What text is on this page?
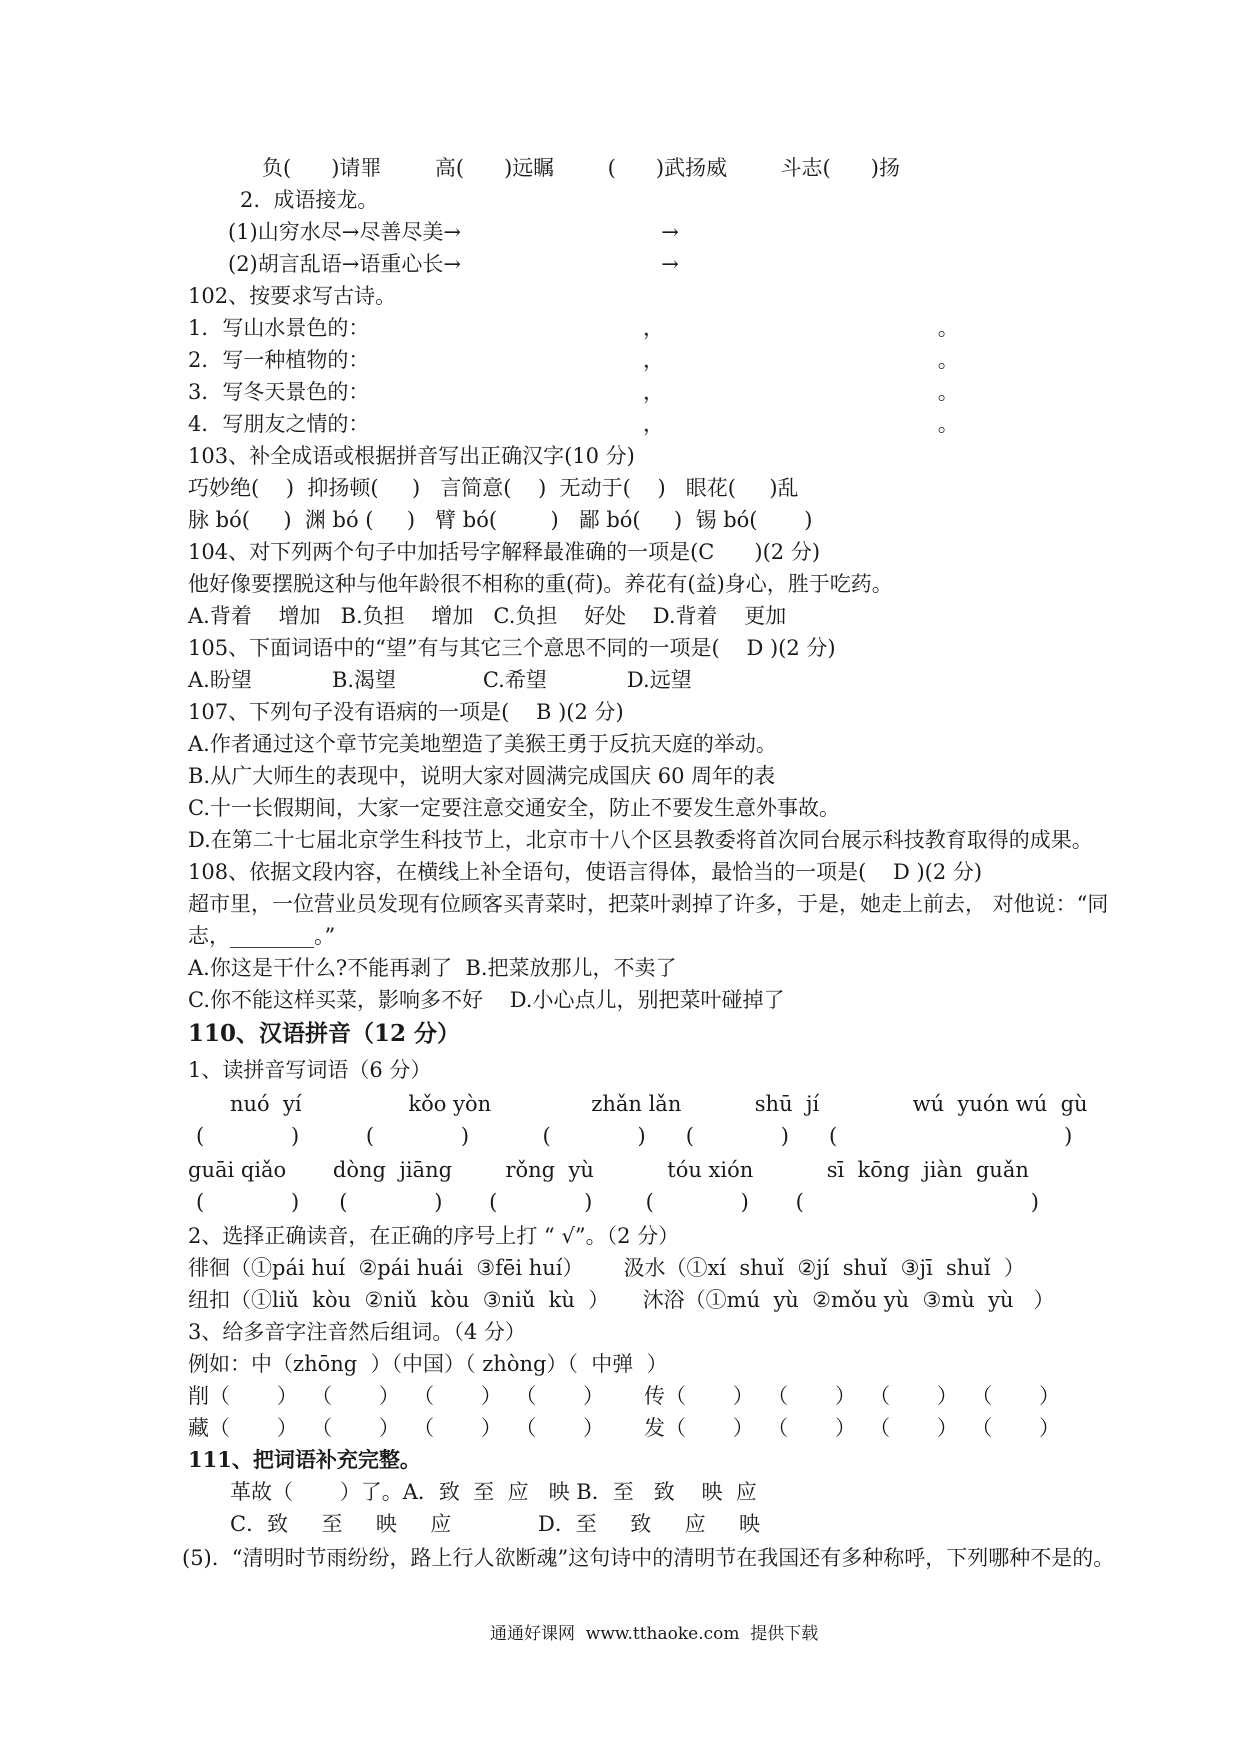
负(      )请罪        高(      )远瞩        (      )武扬威        斗志(      )扬
2.  成语接龙。
(1)山穷水尽→尽善尽美→                              →
(2)胡言乱语→语重心长→                              →
102、按要求写古诗。
1．写山水景色的：                                         ，                                         。
2．写一种植物的：                                         ，                                         。
3．写冬天景色的：                                         ，                                         。
4．写朋友之情的：                                         ，                                         。
103、补全成语或根据拼音写出正确汉字(10 分)
巧妙绝(    )  抑扬顿(     )   言简意(    )  无动于(    )   眼花(     )乱
脉 bó(     )  渊 bó (     )   臂 bó(        )   鄙 bó(     )  锡 bó(       )
104、对下列两个句子中加括号字解释最准确的一项是(C      )(2 分)
他好像要摆脱这种与他年龄很不相称的重(荷)。养花有(益)身心，胜于吃药。
A.背着    增加   B.负担    增加   C.负担    好处    D.背着    更加
105、下面词语中的“望”有与其它三个意思不同的一项是(    D )(2 分)
A.盼望            B.渴望             C.希望            D.远望
107、下列句子没有语病的一项是(    B )(2 分)
A.作者通过这个章节完美地塑造了美猴王勇于反抗天庭的举动。
B.从广大师生的表现中，说明大家对圆满完成国庆 60 周年的表
C.十一长假期间，大家一定要注意交通安全，防止不要发生意外事故。
D.在第二十七届北京学生科技节上，北京市十八个区县教委将首次同台展示科技教育取得的成果。
108、依据文段内容，在横线上补全语句，使语言得体，最恰当的一项是(    D )(2 分)
超市里，一位营业员发现有位顾客买青菜时，把菜叶剥掉了许多，于是，她走上前去， 对他说：“同
志，________。”
A.你这是干什么?不能再剥了  B.把菜放那儿，不卖了
C.你不能这样买菜，影响多不好    D.小心点儿，别把菜叶碰掉了
110、汉语拼音（12 分）
1、读拼音写词语（6 分）
nuó  yí                kǒo yòn               zhǎn lǎn           shū  jí              wú  yuón wú  gù
(             )          (             )           (             )      (             )      (                                  )
guāi qiǎo       dòng  jiāng        rǒng  yù           tóu xión           sī  kōng  jiàn  guǎn
(             )      (             )       (             )        (             )       (                                  )
2、选择正确读音，在正确的序号上打 “ √”。（2 分）
徘徊（①pái huí  ②pái huái  ③fēi huí）      汲水（①xí  shuǐ  ②jí  shuǐ  ③jī  shuǐ  ）
纽扣（①liǔ  kòu  ②niǔ  kòu  ③niǔ  kù  ）     沐浴（①mú  yù  ②mǒu yù  ③mù  yù   ）
3、给多音字注音然后组词。（4 分）
例如：中（zhōng  ）（中国）（ zhòng）（  中弹  ）
削（       ）  （       ）  （       ）  （       ）      传（       ）  （       ）  （       ）  （       ）
藏（       ）  （       ）  （       ）  （       ）      发（       ）  （       ）  （       ）  （       ）
111、把词语补充完整。
革故（       ）了。A．致  至  应   映 B．至   致    映  应
C．致     至     映     应             D．至     致     应     映
(5).  “清明时节雨纷纷，路上行人欲断魂”这句诗中的清明节在我国还有多种称呼，下列哪种不是的。
通通好课网  www.tthaoke.com  提供下载
